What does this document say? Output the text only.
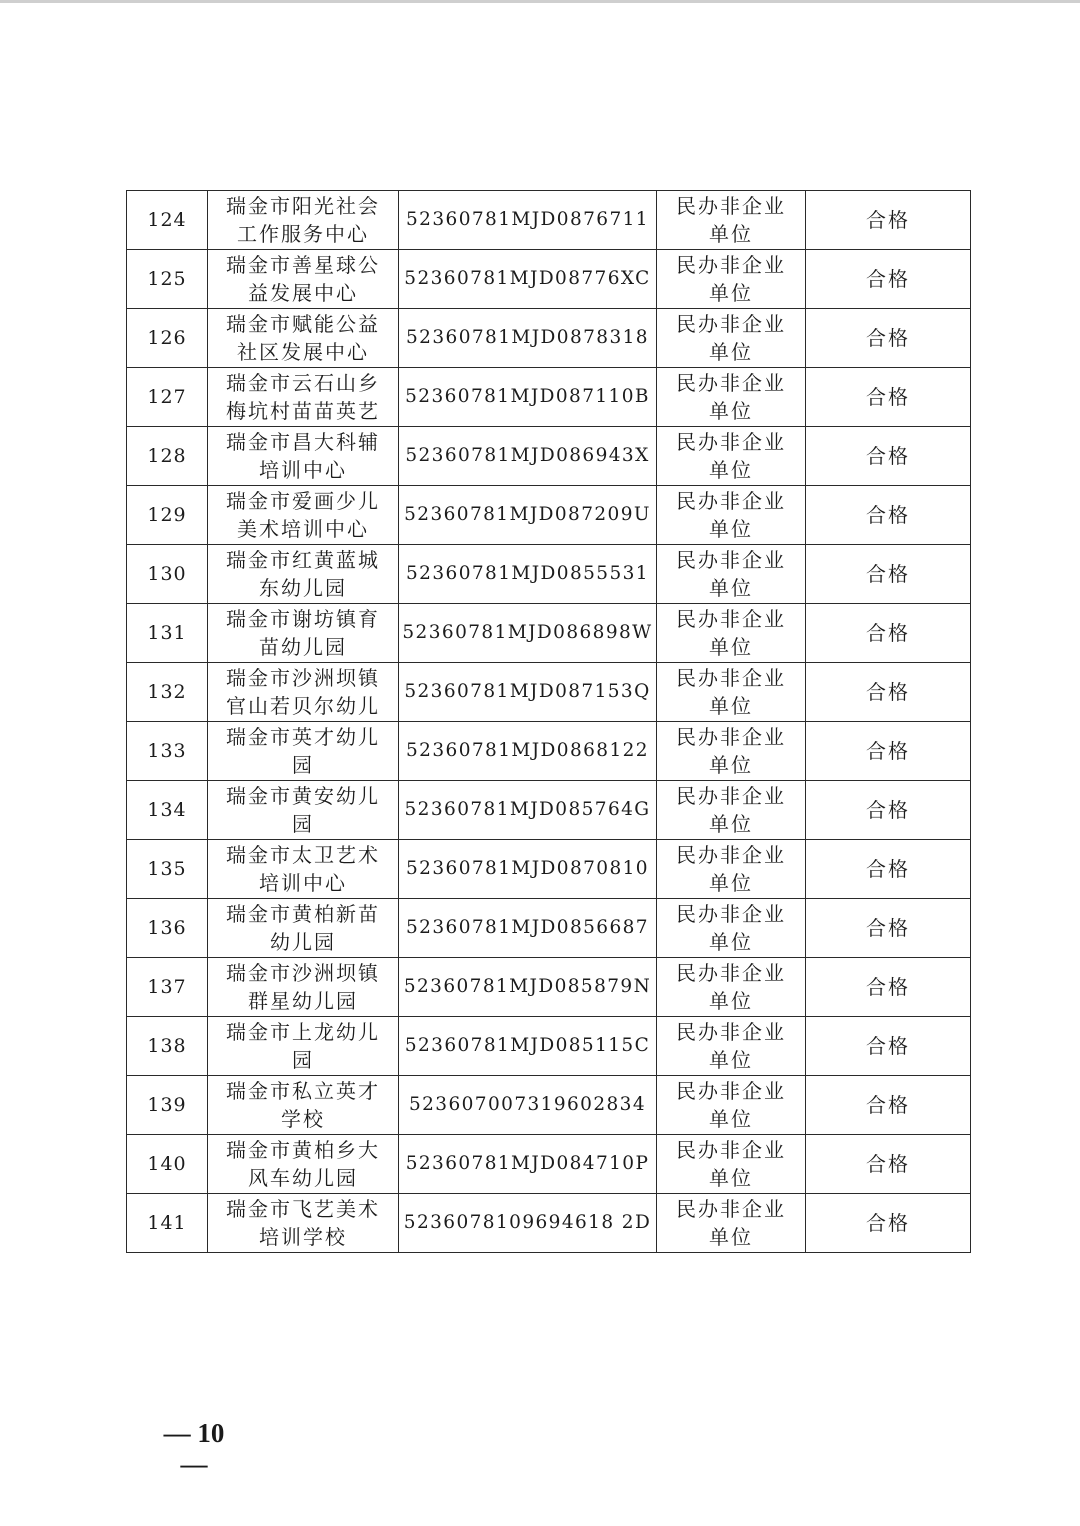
124	瑞金市阳光社会工作服务中心	52360781MJD0876711	民办非企业单位	合格
125	瑞金市善星球公益发展中心	52360781MJD08776XC	民办非企业单位	合格
126	瑞金市赋能公益社区发展中心	52360781MJD0878318	民办非企业单位	合格
127	瑞金市云石山乡梅坑村苗苗英艺	52360781MJD087110B	民办非企业单位	合格
128	瑞金市昌大科辅培训中心	52360781MJD086943X	民办非企业单位	合格
129	瑞金市爱画少儿美术培训中心	52360781MJD087209U	民办非企业单位	合格
130	瑞金市红黄蓝城东幼儿园	52360781MJD0855531	民办非企业单位	合格
131	瑞金市谢坊镇育苗幼儿园	52360781MJD086898W	民办非企业单位	合格
132	瑞金市沙洲坝镇官山若贝尔幼儿	52360781MJD087153Q	民办非企业单位	合格
133	瑞金市英才幼儿园	52360781MJD0868122	民办非企业单位	合格
134	瑞金市黄安幼儿园	52360781MJD085764G	民办非企业单位	合格
135	瑞金市太卫艺术培训中心	52360781MJD0870810	民办非企业单位	合格
136	瑞金市黄柏新苗幼儿园	52360781MJD0856687	民办非企业单位	合格
137	瑞金市沙洲坝镇群星幼儿园	52360781MJD085879N	民办非企业单位	合格
138	瑞金市上龙幼儿园	52360781MJD085115C	民办非企业单位	合格
139	瑞金市私立英才学校	523607007319602834	民办非企业单位	合格
140	瑞金市黄柏乡大风车幼儿园	52360781MJD084710P	民办非企业单位	合格
141	瑞金市飞艺美术培训学校	5236078109694618 2D	民办非企业单位	合格
— 10 —
